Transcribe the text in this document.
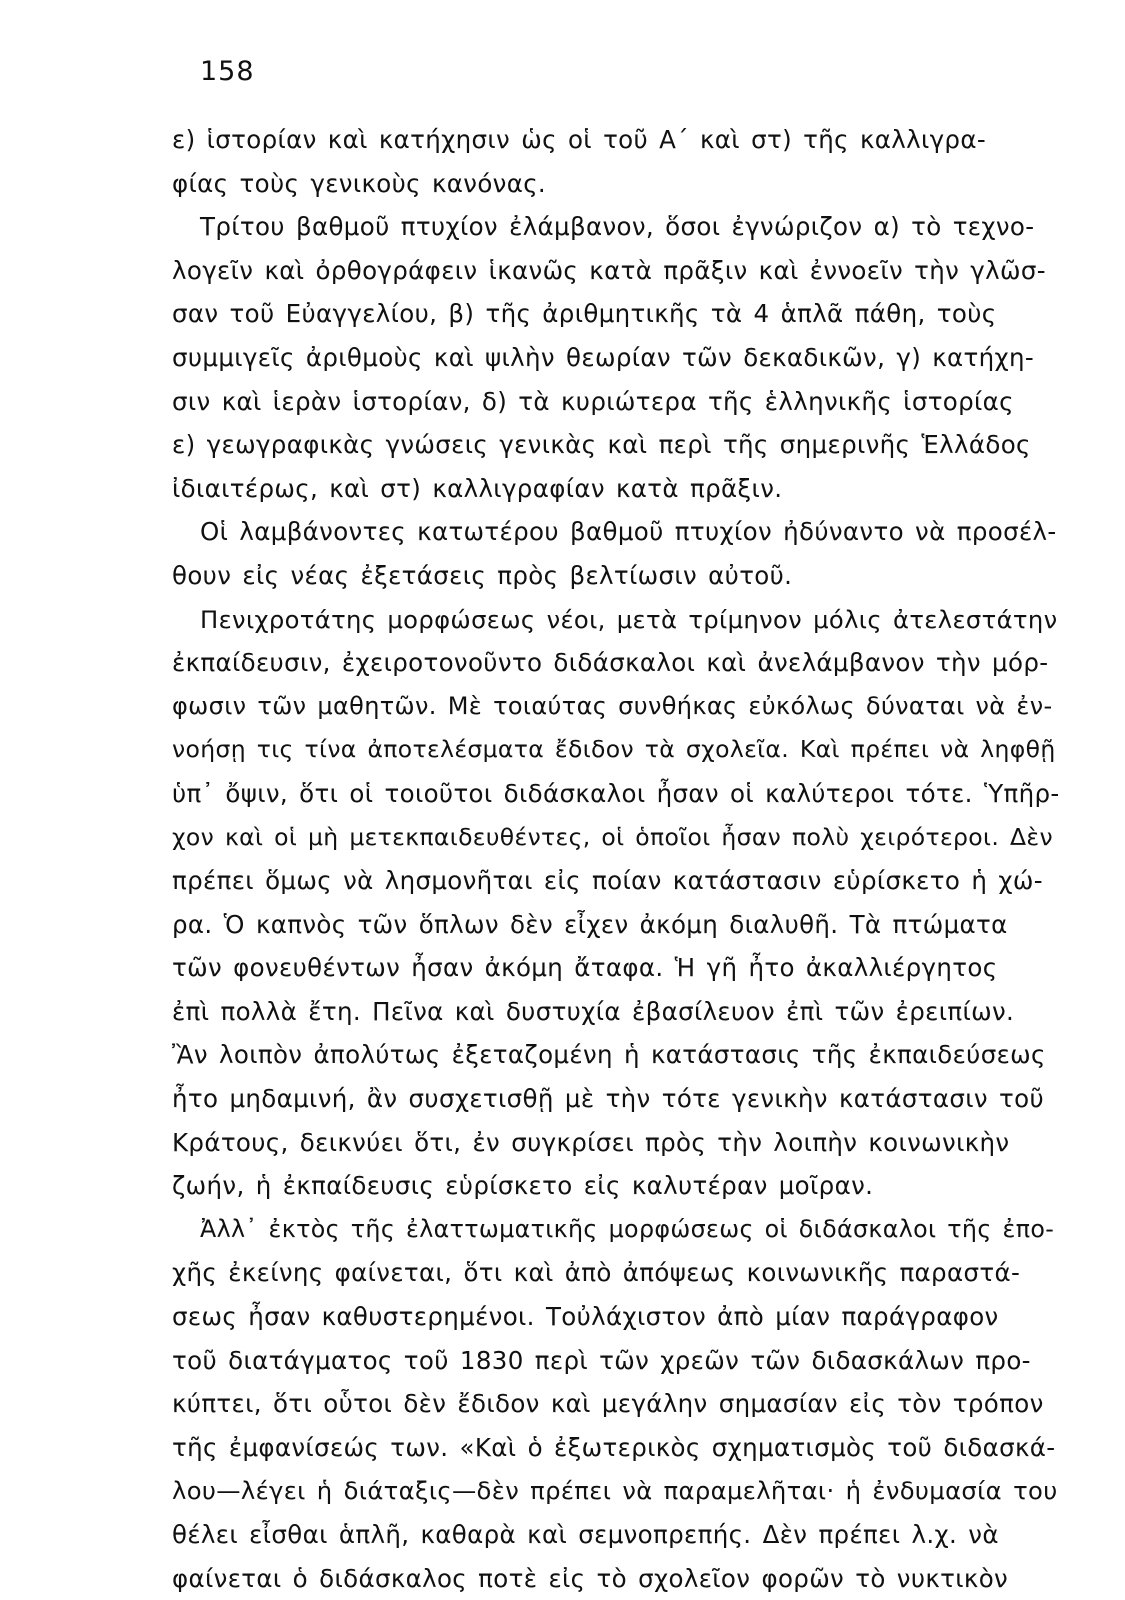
158
ε) ἱστορίαν καὶ κατήχησιν ὡς οἱ τοῦ Α΄ καὶ στ) τῆς καλλιγρα-
φίας τοὺς γενικοὺς κανόνας.
Τρίτου βαθμοῦ πτυχίον ἐλάμβανον, ὅσοι ἐγνώριζον α) τὸ τεχνο-
λογεῖν καὶ ὀρθογράφειν ἱκανῶς κατὰ πρᾶξιν καὶ ἐννοεῖν τὴν γλῶσ-
σαν τοῦ Εὐαγγελίου, β) τῆς ἀριθμητικῆς τὰ 4 ἁπλᾶ πάθη, τοὺς
συμμιγεῖς ἀριθμοὺς καὶ ψιλὴν θεωρίαν τῶν δεκαδικῶν, γ) κατήχη-
σιν καὶ ἱερὰν ἱστορίαν, δ) τὰ κυριώτερα τῆς ἑλληνικῆς ἱστορίας
ε) γεωγραφικὰς γνώσεις γενικὰς καὶ περὶ τῆς σημερινῆς Ἑλλάδος
ἰδιαιτέρως, καὶ στ) καλλιγραφίαν κατὰ πρᾶξιν.
Οἱ λαμβάνοντες κατωτέρου βαθμοῦ πτυχίον ἠδύναντο νὰ προσέλ-
θουν εἰς νέας ἐξετάσεις πρὸς βελτίωσιν αὐτοῦ.
Πενιχροτάτης μορφώσεως νέοι, μετὰ τρίμηνον μόλις ἀτελεστάτην
ἐκπαίδευσιν, ἐχειροτονοῦντο διδάσκαλοι καὶ ἀνελάμβανον τὴν μόρ-
φωσιν τῶν μαθητῶν. Μὲ τοιαύτας συνθήκας εὐκόλως δύναται νὰ ἐν-
νοήσῃ τις τίνα ἀποτελέσματα ἔδιδον τὰ σχολεῖα. Καὶ πρέπει νὰ ληφθῇ
ὑπ᾿ ὄψιν, ὅτι οἱ τοιοῦτοι διδάσκαλοι ἦσαν οἱ καλύτεροι τότε. Ὑπῆρ-
χον καὶ οἱ μὴ μετεκπαιδευθέντες, οἱ ὁποῖοι ἦσαν πολὺ χειρότεροι. Δὲν
πρέπει ὅμως νὰ λησμονῆται εἰς ποίαν κατάστασιν εὑρίσκετο ἡ χώ-
ρα. Ὁ καπνὸς τῶν ὅπλων δὲν εἶχεν ἀκόμη διαλυθῆ. Τὰ πτώματα
τῶν φονευθέντων ἦσαν ἀκόμη ἄταφα. Ἡ γῆ ἦτο ἀκαλλιέργητος
ἐπὶ πολλὰ ἔτη. Πεῖνα καὶ δυστυχία ἐβασίλευον ἐπὶ τῶν ἐρειπίων.
Ἂν λοιπὸν ἀπολύτως ἐξεταζομένη ἡ κατάστασις τῆς ἐκπαιδεύσεως
ἦτο μηδαμινή, ἂν συσχετισθῇ μὲ τὴν τότε γενικὴν κατάστασιν τοῦ
Κράτους, δεικνύει ὅτι, ἐν συγκρίσει πρὸς τὴν λοιπὴν κοινωνικὴν
ζωήν, ἡ ἐκπαίδευσις εὑρίσκετο εἰς καλυτέραν μοῖραν.
Ἀλλ᾿ ἐκτὸς τῆς ἐλαττωματικῆς μορφώσεως οἱ διδάσκαλοι τῆς ἐπο-
χῆς ἐκείνης φαίνεται, ὅτι καὶ ἀπὸ ἀπόψεως κοινωνικῆς παραστά-
σεως ἦσαν καθυστερημένοι. Τοὐλάχιστον ἀπὸ μίαν παράγραφον
τοῦ διατάγματος τοῦ 1830 περὶ τῶν χρεῶν τῶν διδασκάλων προ-
κύπτει, ὅτι οὗτοι δὲν ἔδιδον καὶ μεγάλην σημασίαν εἰς τὸν τρόπον
τῆς ἐμφανίσεώς των. «Καὶ ὁ ἐξωτερικὸς σχηματισμὸς τοῦ διδασκά-
λου—λέγει ἡ διάταξις—δὲν πρέπει νὰ παραμελῆται· ἡ ἐνδυμασία του
θέλει εἶσθαι ἁπλῆ, καθαρὰ καὶ σεμνοπρεπής. Δὲν πρέπει λ.χ. νὰ
φαίνεται ὁ διδάσκαλος ποτὲ εἰς τὸ σχολεῖον φορῶν τὸ νυκτικὸν
